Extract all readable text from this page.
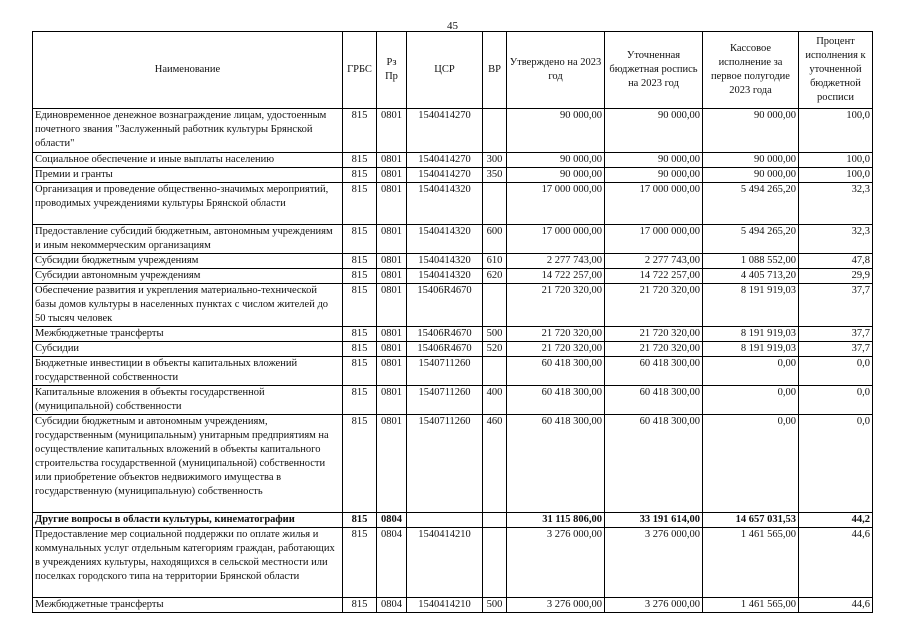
45
Наименование	ГРБС	Рз Пр	ЦСР	ВР	Утверждено на 2023 год	Уточненная бюджетная роспись на 2023 год	Кассовое исполнение за первое полугодие 2023 года	Процент исполнения к уточненной бюджетной росписи
Единовременное денежное вознаграждение лицам, удостоенным почетного звания "Заслуженный работник культуры Брянской области"	815	0801	1540414270		90 000,00	90 000,00	90 000,00	100,0
Социальное обеспечение и иные выплаты населению	815	0801	1540414270	300	90 000,00	90 000,00	90 000,00	100,0
Премии и гранты	815	0801	1540414270	350	90 000,00	90 000,00	90 000,00	100,0
Организация и проведение общественно-значимых мероприятий, проводимых учреждениями культуры Брянской области	815	0801	1540414320		17 000 000,00	17 000 000,00	5 494 265,20	32,3
Предоставление субсидий бюджетным, автономным учреждениям и иным некоммерческим организациям	815	0801	1540414320	600	17 000 000,00	17 000 000,00	5 494 265,20	32,3
Субсидии бюджетным учреждениям	815	0801	1540414320	610	2 277 743,00	2 277 743,00	1 088 552,00	47,8
Субсидии автономным учреждениям	815	0801	1540414320	620	14 722 257,00	14 722 257,00	4 405 713,20	29,9
Обеспечение развития и укрепления материально-технической базы домов культуры в населенных пунктах с числом жителей до 50 тысяч человек	815	0801	15406R4670		21 720 320,00	21 720 320,00	8 191 919,03	37,7
Межбюджетные трансферты	815	0801	15406R4670	500	21 720 320,00	21 720 320,00	8 191 919,03	37,7
Субсидии	815	0801	15406R4670	520	21 720 320,00	21 720 320,00	8 191 919,03	37,7
Бюджетные инвестиции в объекты капитальных вложений государственной собственности	815	0801	1540711260		60 418 300,00	60 418 300,00	0,00	0,0
Капитальные вложения в объекты государственной (муниципальной) собственности	815	0801	1540711260	400	60 418 300,00	60 418 300,00	0,00	0,0
Субсидии бюджетным и автономным учреждениям, государственным (муниципальным) унитарным предприятиям на осуществление капитальных вложений в объекты капитального строительства государственной (муниципальной) собственности или приобретение объектов недвижимого имущества в государственную (муниципальную) собственность	815	0801	1540711260	460	60 418 300,00	60 418 300,00	0,00	0,0
Другие вопросы в области культуры, кинематографии	815	0804			31 115 806,00	33 191 614,00	14 657 031,53	44,2
Предоставление мер социальной поддержки по оплате жилья и коммунальных услуг отдельным категориям граждан, работающих в учреждениях культуры, находящихся в сельской местности или поселках городского типа на территории Брянской области	815	0804	1540414210		3 276 000,00	3 276 000,00	1 461 565,00	44,6
Межбюджетные трансферты	815	0804	1540414210	500	3 276 000,00	3 276 000,00	1 461 565,00	44,6
